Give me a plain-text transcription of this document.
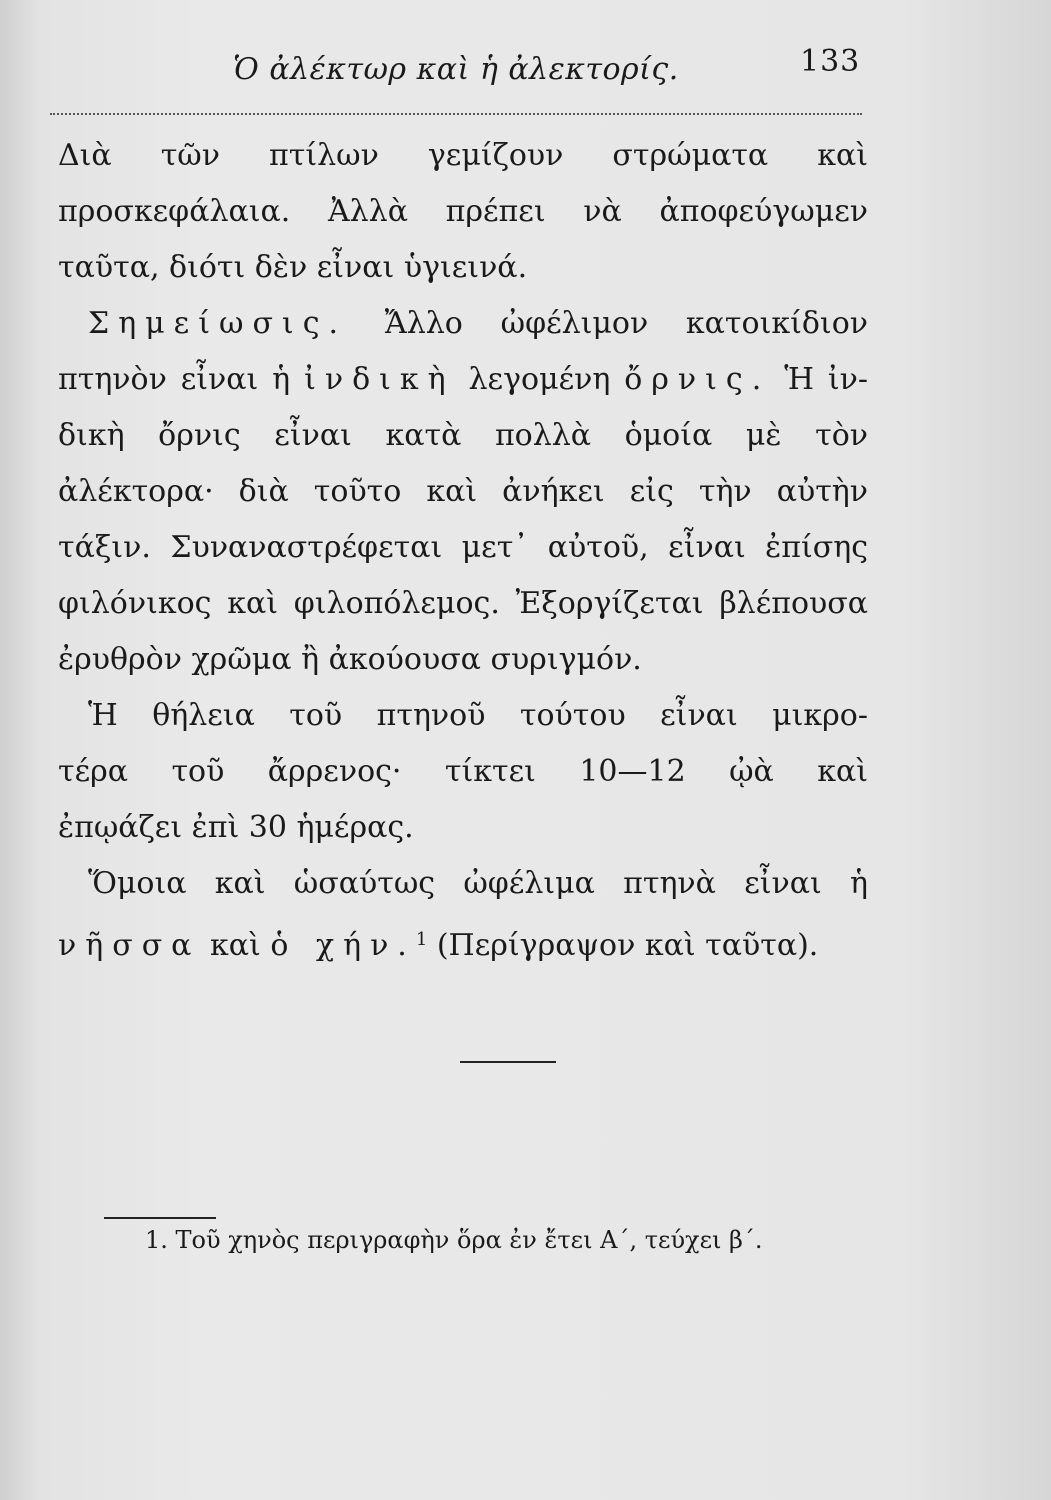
Ὁ ἀλέκτωρ καὶ ἡ ἀλεκτορίς.	133
Διὰ τῶν πτίλων γεμίζουν στρώματα καὶ
προσκεφάλαια. Ἀλλὰ πρέπει νὰ ἀποφεύγωμεν
ταῦτα, διότι δὲν εἶναι ὑγιεινά.
Σημείωσις. Ἄλλο ὠφέλιμον κατοικίδιον
πτηνὸν εἶναι ἡ ἰνδικὴ λεγομένη ὄρνις. Ἡ ἰν-
δικὴ ὄρνις εἶναι κατὰ πολλὰ ὁμοία μὲ τὸν
ἀλέκτορα· διὰ τοῦτο καὶ ἀνήκει εἰς τὴν αὐτὴν
τάξιν. Συναναστρέφεται μετ᾽ αὐτοῦ, εἶναι ἐπίσης
φιλόνικος καὶ φιλοπόλεμος. Ἐξοργίζεται βλέπουσα
ἐρυθρὸν χρῶμα ἢ ἀκούουσα συριγμόν.
Ἡ θήλεια τοῦ πτηνοῦ τούτου εἶναι μικρο-
τέρα τοῦ ἄρρενος· τίκτει 10—12 ᾠὰ καὶ
ἐπῳάζει ἐπὶ 30 ἡμέρας.
Ὅμοια καὶ ὡσαύτως ὠφέλιμα πτηνὰ εἶναι ἡ
νῆσσα καὶ ὁ χήν.$^1$ (Περίγραψον καὶ ταῦτα).
1. Τοῦ χηνὸς περιγραφὴν ὅρα ἐν ἔτει Α΄, τεύχει β΄.
